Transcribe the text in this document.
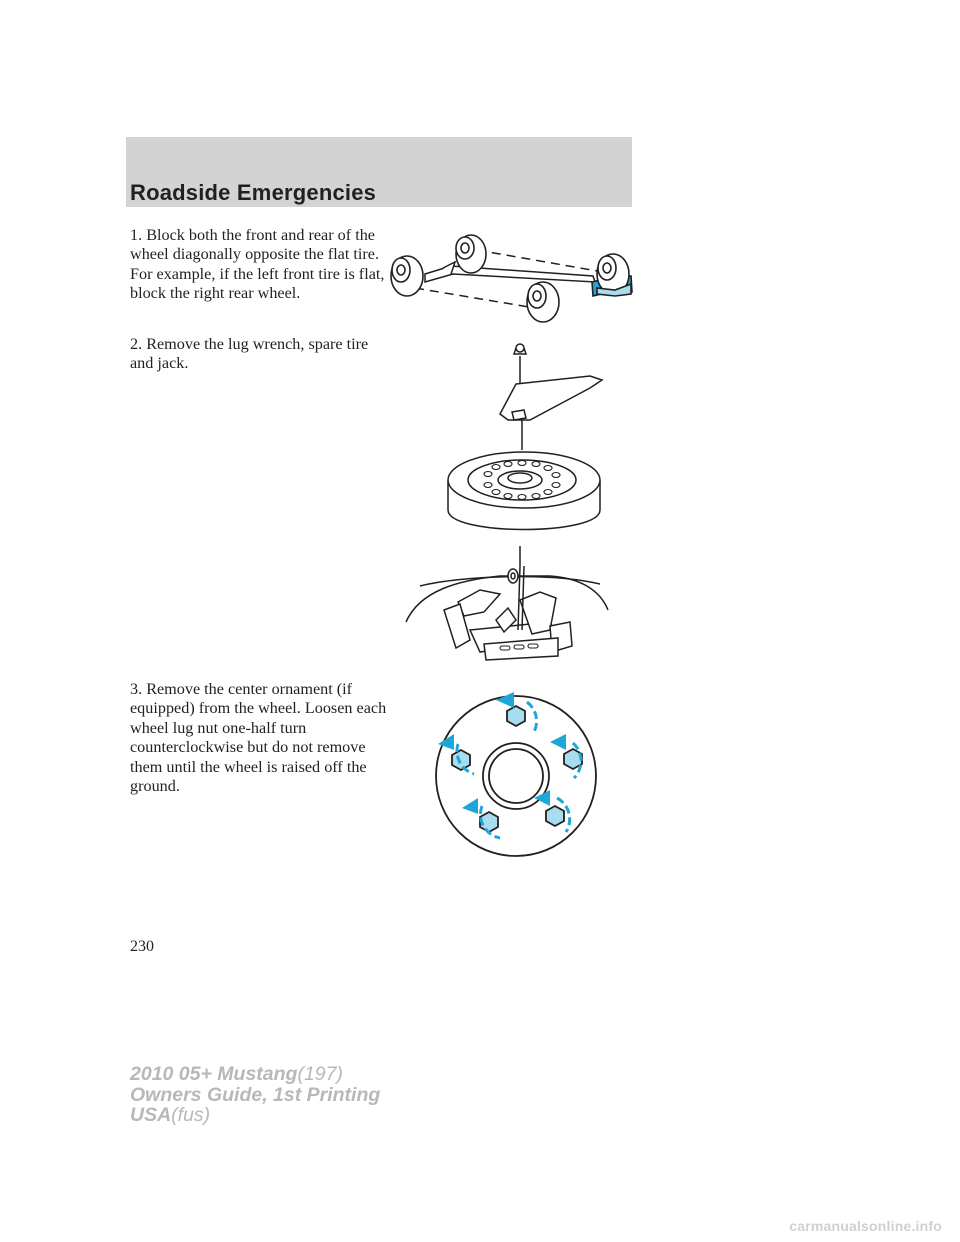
Roadside Emergencies

1. Block both the front and rear of the wheel diagonally opposite the flat tire. For example, if the left front tire is flat, block the right rear wheel.

2. Remove the lug wrench, spare tire and jack.

3. Remove the center ornament (if equipped) from the wheel. Loosen each wheel lug nut one-half turn counterclockwise but do not remove them until the wheel is raised off the ground.

230

2010 05+ Mustang(197)
Owners Guide, 1st Printing
USA(fus)
carmanualsonline.info
